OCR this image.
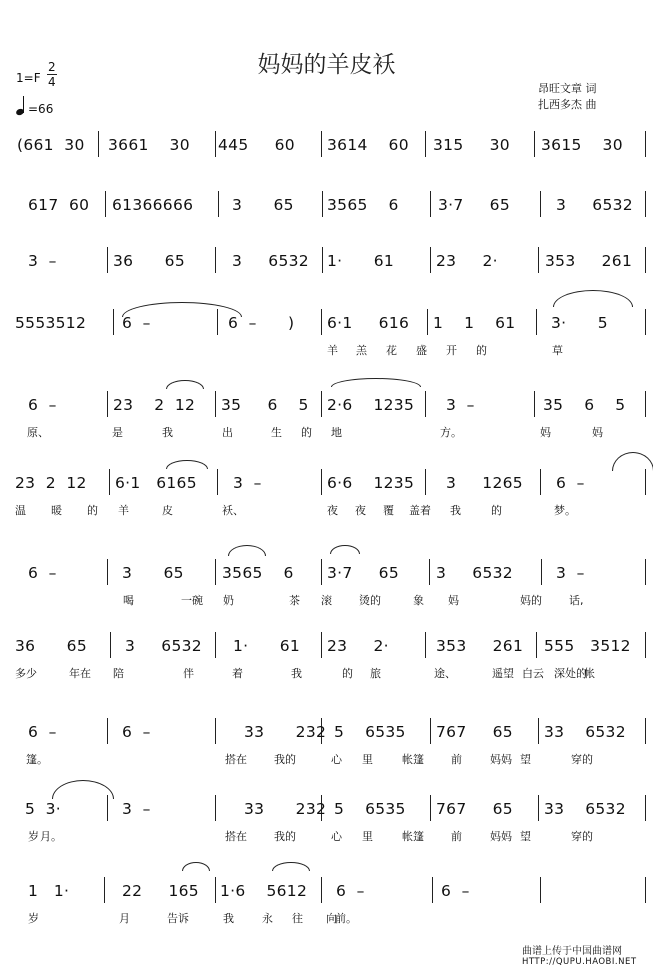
妈妈的羊皮袄
1=F
2
4
=66
昂旺文章 词
扎西多杰 曲
(661  30 3661    30 445     60 3614    60 315     30 3615    30
617  60 61366666 3      65 3565    6	3·7     65	3     6532
3  –	36      65	3     6532 1·      61	23     2·	353     261
5553512 6  –	6  –      ) 6·1     616 1    1    61 3·      5
羊 羔 花 盛 开 的	草
6  –	23    2  12 35     6    5 2·6    1235 3  –	35    6    5
原、	是	我	出	生 的 地	方。	妈	妈
23  2  12 6·1   6165 3  –	6·6    1235 3     1265 6  –
温 暖 的 羊	皮	袄、	夜 夜 覆 盖着 我	的	梦。
6  –	3      65 3565    6 3·7     65 3     6532	3  –
喝	一碗 奶	茶 滚 烫的	象 妈	妈的 话,
36      65 3     6532 1·      61 23     2·	353     261 555   3512
多少	年在 陪	伴	着	我	的 旅	途、	遥望 白云 深处的
帐
6  –	6  –	33      232 5    6535 767     65 33    6532
篷。	搭在 我的	心 里	帐篷 前	妈妈 望	穿的
5  3·	3  –	33      232 5    6535 767     65 33    6532
岁 月。	搭在 我的	心 里	帐篷 前	妈妈 望	穿的
1   1·	22     165 1·6    5612 6  –	6  –
岁	月	告诉	我	永 往 向
前。
曲谱上传于中国曲谱网
HTTP://QUPU.HAOBI.NET
